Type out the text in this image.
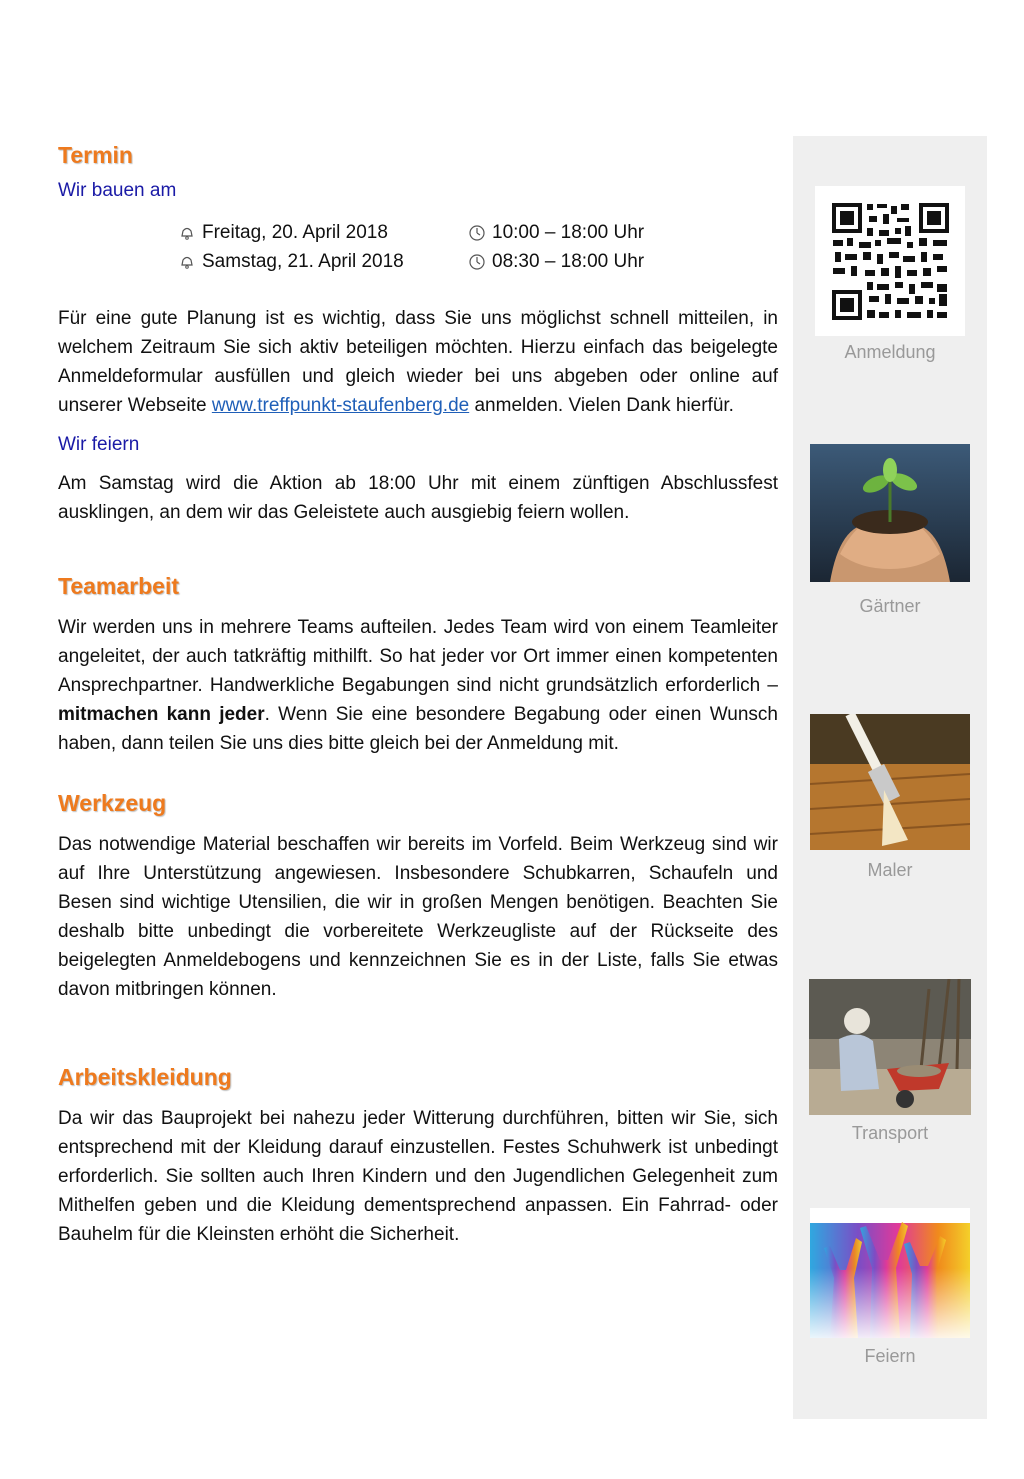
Termin
Wir bauen am
Freitag, 20. April 2018	10:00 – 18:00 Uhr
Samstag, 21. April 2018	08:30 – 18:00 Uhr

Für eine gute Planung ist es wichtig, dass Sie uns möglichst schnell mitteilen, in welchem Zeitraum Sie sich aktiv beteiligen möchten. Hierzu einfach das beigelegte Anmeldeformular ausfüllen und gleich wieder bei uns abgeben oder online auf unserer Webseite www.treffpunkt-staufenberg.de anmelden. Vielen Dank hierfür.

Wir feiern

Am Samstag wird die Aktion ab 18:00 Uhr mit einem zünftigen Abschlussfest ausklingen, an dem wir das Geleistete auch ausgiebig feiern wollen.

Teamarbeit

Wir werden uns in mehrere Teams aufteilen. Jedes Team wird von einem Teamleiter angeleitet, der auch tatkräftig mithilft. So hat jeder vor Ort immer einen kompetenten Ansprechpartner. Handwerkliche Begabungen sind nicht grundsätzlich erforderlich – mitmachen kann jeder. Wenn Sie eine besondere Begabung oder einen Wunsch haben, dann teilen Sie uns dies bitte gleich bei der Anmeldung mit.

Werkzeug

Das notwendige Material beschaffen wir bereits im Vorfeld. Beim Werkzeug sind wir auf Ihre Unterstützung angewiesen. Insbesondere Schubkarren, Schaufeln und Besen sind wichtige Utensilien, die wir in großen Mengen benötigen. Beachten Sie deshalb bitte unbedingt die vorbereitete Werkzeugliste auf der Rückseite des beigelegten Anmeldebogens und kennzeichnen Sie es in der Liste, falls Sie etwas davon mitbringen können.

Arbeitskleidung

Da wir das Bauprojekt bei nahezu jeder Witterung durchführen, bitten wir Sie, sich entsprechend mit der Kleidung darauf einzustellen. Festes Schuhwerk ist unbedingt erforderlich. Sie sollten auch Ihren Kindern und den Jugendlichen Gelegenheit zum Mithelfen geben und die Kleidung dementsprechend anpassen. Ein Fahrrad- oder Bauhelm für die Kleinsten erhöht die Sicherheit.

Anmeldung
Gärtner
Maler
Transport
Feiern
